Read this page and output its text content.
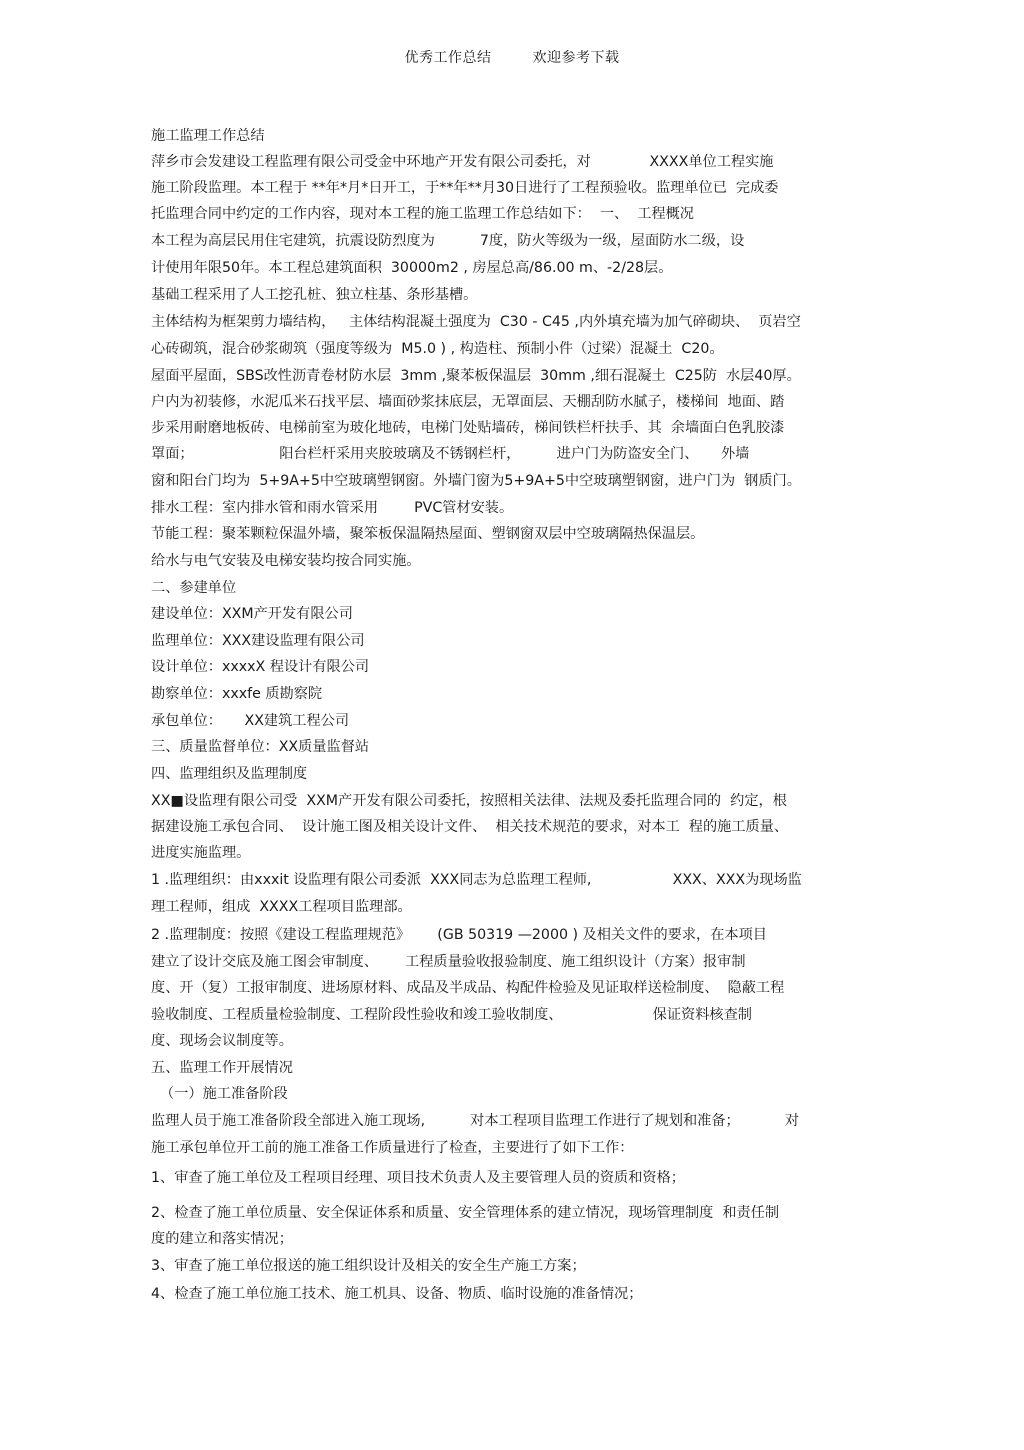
优秀工作总结	欢迎参考下载
施工监理工作总结
萍乡市会发建设工程监理有限公司受金中环地产开发有限公司委托，对             XXXX单位工程实施
施工阶段监理。本工程于 **年*月*日开工，于**年**月30日进行了工程预验收。监理单位已  完成委
托监理合同中约定的工作内容，现对本工程的施工监理工作总结如下：  一、  工程概况
本工程为高层民用住宅建筑，抗震设防烈度为          7度，防火等级为一级，屋面防水二级，设
计使用年限50年。本工程总建筑面积  30000m2 , 房屋总高/86.00 m、-2/28层。
基础工程采用了人工挖孔桩、独立柱基、条形基槽。
主体结构为框架剪力墙结构，   主体结构混凝土强度为  C30 - C45 ,内外填充墙为加气碎砌块、  页岩空
心砖砌筑，混合砂浆砌筑（强度等级为  M5.0 ) , 构造柱、预制小件（过梁）混凝土  C20。
屋面平屋面，SBS改性沥青卷材防水层  3mm ,聚苯板保温层  30mm ,细石混凝土  C25防  水层40厚。
户内为初装修，水泥瓜米石找平层、墙面砂浆抹底层，无罩面层、天棚刮防水腻子，楼梯间  地面、踏
步采用耐磨地板砖、电梯前室为玻化地砖，电梯门处贴墙砖，梯间铁栏杆扶手、其  余墙面白色乳胶漆
罩面；                   阳台栏杆采用夹胶玻璃及不锈钢栏杆，        进户门为防盗安全门、     外墙
窗和阳台门均为  5+9A+5中空玻璃塑钢窗。外墙门窗为5+9A+5中空玻璃塑钢窗，进户门为  钢质门。
排水工程：室内排水管和雨水管采用        PVC管材安装。
节能工程：聚苯颗粒保温外墙，聚笨板保温隔热屋面、塑钢窗双层中空玻璃隔热保温层。
给水与电气安装及电梯安装均按合同实施。
二、参建单位
建设单位：XXM产开发有限公司
监理单位：XXX建设监理有限公司
设计单位：xxxxX 程设计有限公司
勘察单位：xxxfe 质勘察院
承包单位：     XX建筑工程公司
三、质量监督单位：XX质量监督站
四、监理组织及监理制度
XX■设监理有限公司受  XXM产开发有限公司委托，按照相关法律、法规及委托监理合同的  约定，根
据建设施工承包合同、  设计施工图及相关设计文件、  相关技术规范的要求，对本工  程的施工质量、
进度实施监理。
1 .监理组织：由xxxit 设监理有限公司委派  XXX同志为总监理工程师,                  XXX、XXX为现场监
理工程师，组成  XXXX工程项目监理部。
2 .监理制度：按照《建设工程监理规范》      (GB 50319 —2000 ) 及相关文件的要求，在本项目
建立了设计交底及施工图会审制度、      工程质量验收报验制度、施工组织设计（方案）报审制
度、开（复）工报审制度、进场原材料、成品及半成品、构配件检验及见证取样送检制度、  隐蔽工程
验收制度、工程质量检验制度、工程阶段性验收和竣工验收制度、                    保证资料核查制
度、现场会议制度等。
五、监理工作开展情况
（一）施工准备阶段
监理人员于施工准备阶段全部进入施工现场,          对本工程项目监理工作进行了规划和准备；          对
施工承包单位开工前的施工准备工作质量进行了检查，主要进行了如下工作：
1、审查了施工单位及工程项目经理、项目技术负责人及主要管理人员的资质和资格；
2、检查了施工单位质量、安全保证体系和质量、安全管理体系的建立情况，现场管理制度  和责任制
度的建立和落实情况；
3、审查了施工单位报送的施工组织设计及相关的安全生产施工方案；
4、检查了施工单位施工技术、施工机具、设备、物质、临时设施的准备情况；
